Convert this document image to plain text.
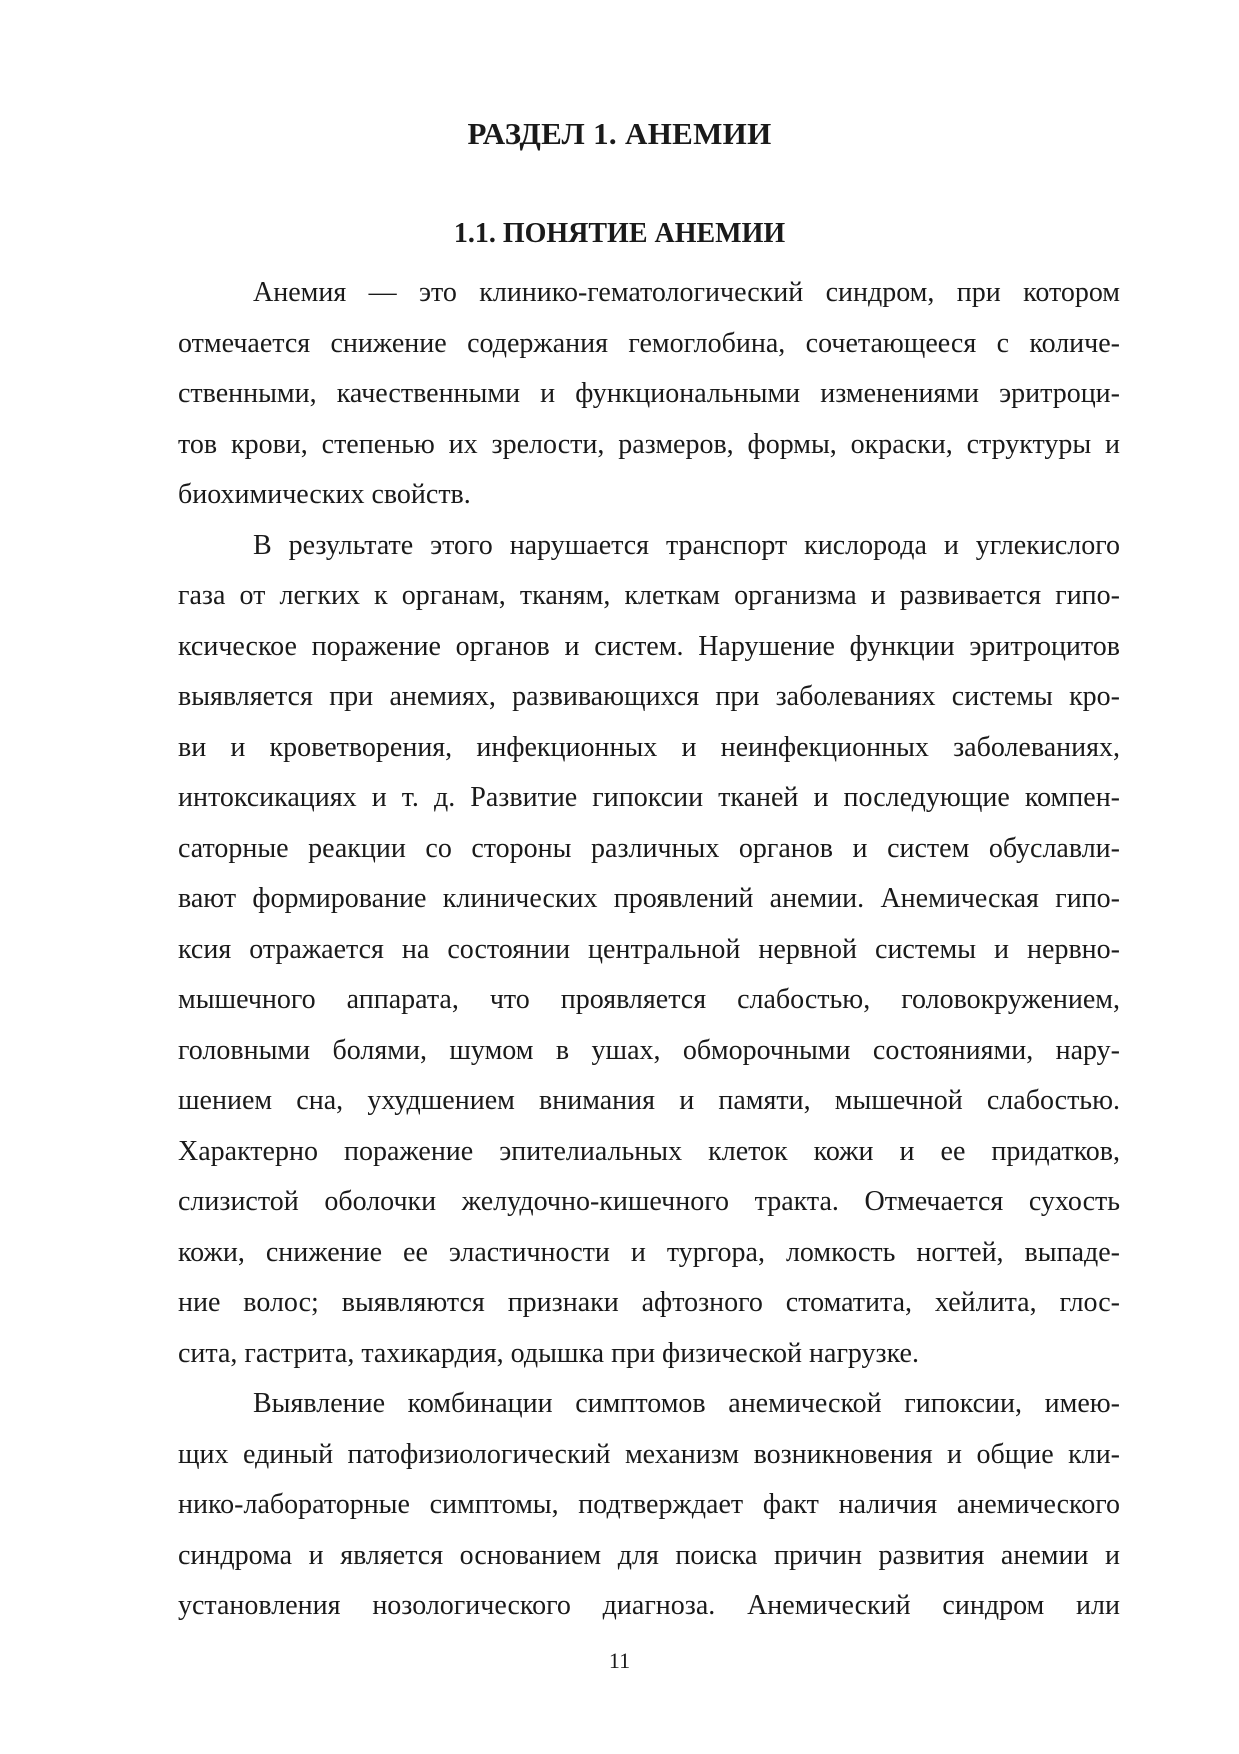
РАЗДЕЛ 1. АНЕМИИ
1.1. ПОНЯТИЕ АНЕМИИ
Анемия — это клинико-гематологический синдром, при котором
отмечается снижение содержания гемоглобина, сочетающееся с количе-
ственными, качественными и функциональными изменениями эритроци-
тов крови, степенью их зрелости, размеров, формы, окраски, структуры и
биохимических свойств.
В результате этого нарушается транспорт кислорода и углекислого
газа от легких к органам, тканям, клеткам организма и развивается гипо-
ксическое поражение органов и систем. Нарушение функции эритроцитов
выявляется при анемиях, развивающихся при заболеваниях системы кро-
ви и кроветворения, инфекционных и неинфекционных заболеваниях,
интоксикациях и т. д. Развитие гипоксии тканей и последующие компен-
саторные реакции со стороны различных органов и систем обуславли-
вают формирование клинических проявлений анемии. Анемическая гипо-
ксия отражается на состоянии центральной нервной системы и нервно-
мышечного аппарата, что проявляется слабостью, головокружением,
головными болями, шумом в ушах, обморочными состояниями, нару-
шением сна, ухудшением внимания и памяти, мышечной слабостью.
Характерно поражение эпителиальных клеток кожи и ее придатков,
слизистой оболочки желудочно-кишечного тракта. Отмечается сухость
кожи, снижение ее эластичности и тургора, ломкость ногтей, выпаде-
ние волос; выявляются признаки афтозного стоматита, хейлита, глос-
сита, гастрита, тахикардия, одышка при физической нагрузке.
Выявление комбинации симптомов анемической гипоксии, имею-
щих единый патофизиологический механизм возникновения и общие кли-
нико-лабораторные симптомы, подтверждает факт наличия анемического
синдрома и является основанием для поиска причин развития анемии и
установления нозологического диагноза. Анемический синдром или
11
